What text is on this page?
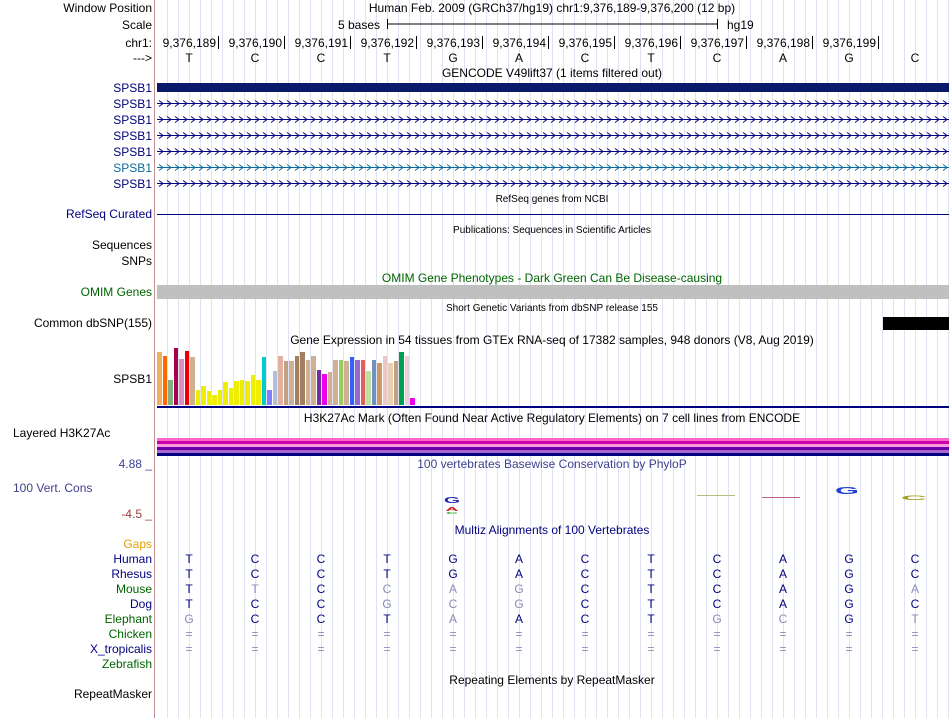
Window Position	Human Feb. 2009 (GRCh37/hg19) chr1:9,376,189-9,376,200 (12 bp)
Scale	5 bases	hg19
chr1: 9,376,189	9,376,190	9,376,191	9,376,192	9,376,193	9,376,194	9,376,195	9,376,196	9,376,197	9,376,198	9,376,199
--->	T	C	C	T	G	A	C	T	C	A	G	C
GENCODE V49lift37 (1 items filtered out)
SPSB1
SPSB1
SPSB1
SPSB1
SPSB1
SPSB1
SPSB1
RefSeq Curated
RefSeq genes from NCBI
Publications: Sequences in Scientific Articles
Sequences
SNPs
OMIM Gene Phenotypes - Dark Green Can Be Disease-causing
OMIM Genes
Short Genetic Variants from dbSNP release 155
Common dbSNP(155)
Gene Expression in 54 tissues from GTEx RNA-seq of 17382 samples, 948 donors (V8, Aug 2019)
SPSB1
H3K27Ac Mark (Often Found Near Active Regulatory Elements) on 7 cell lines from ENCODE
Layered H3K27Ac
4.88 _	100 vertebrates Basewise Conservation by PhyloP
100 Vert. Cons
-4.5 _
G
A
C
G
C
Multiz Alignments of 100 Vertebrates
Gaps
Human	T	C	C	T	G	A	C	T	C	A	G	C
Rhesus	T	C	C	T	G	A	C	T	C	A	G	C
Mouse	T	T	C	C	A	G	C	T	C	A	G	A
Dog	T	C	C	G	C	G	C	T	C	A	G	C
Elephant	G	C	C	T	A	A	C	T	G	C	G	T
Chicken	=	=	=	=	=	=	=	=	=	=	=	=
X_tropicalis	=	=	=	=	=	=	=	=	=	=	=	=
Zebrafish
Repeating Elements by RepeatMasker
RepeatMasker
